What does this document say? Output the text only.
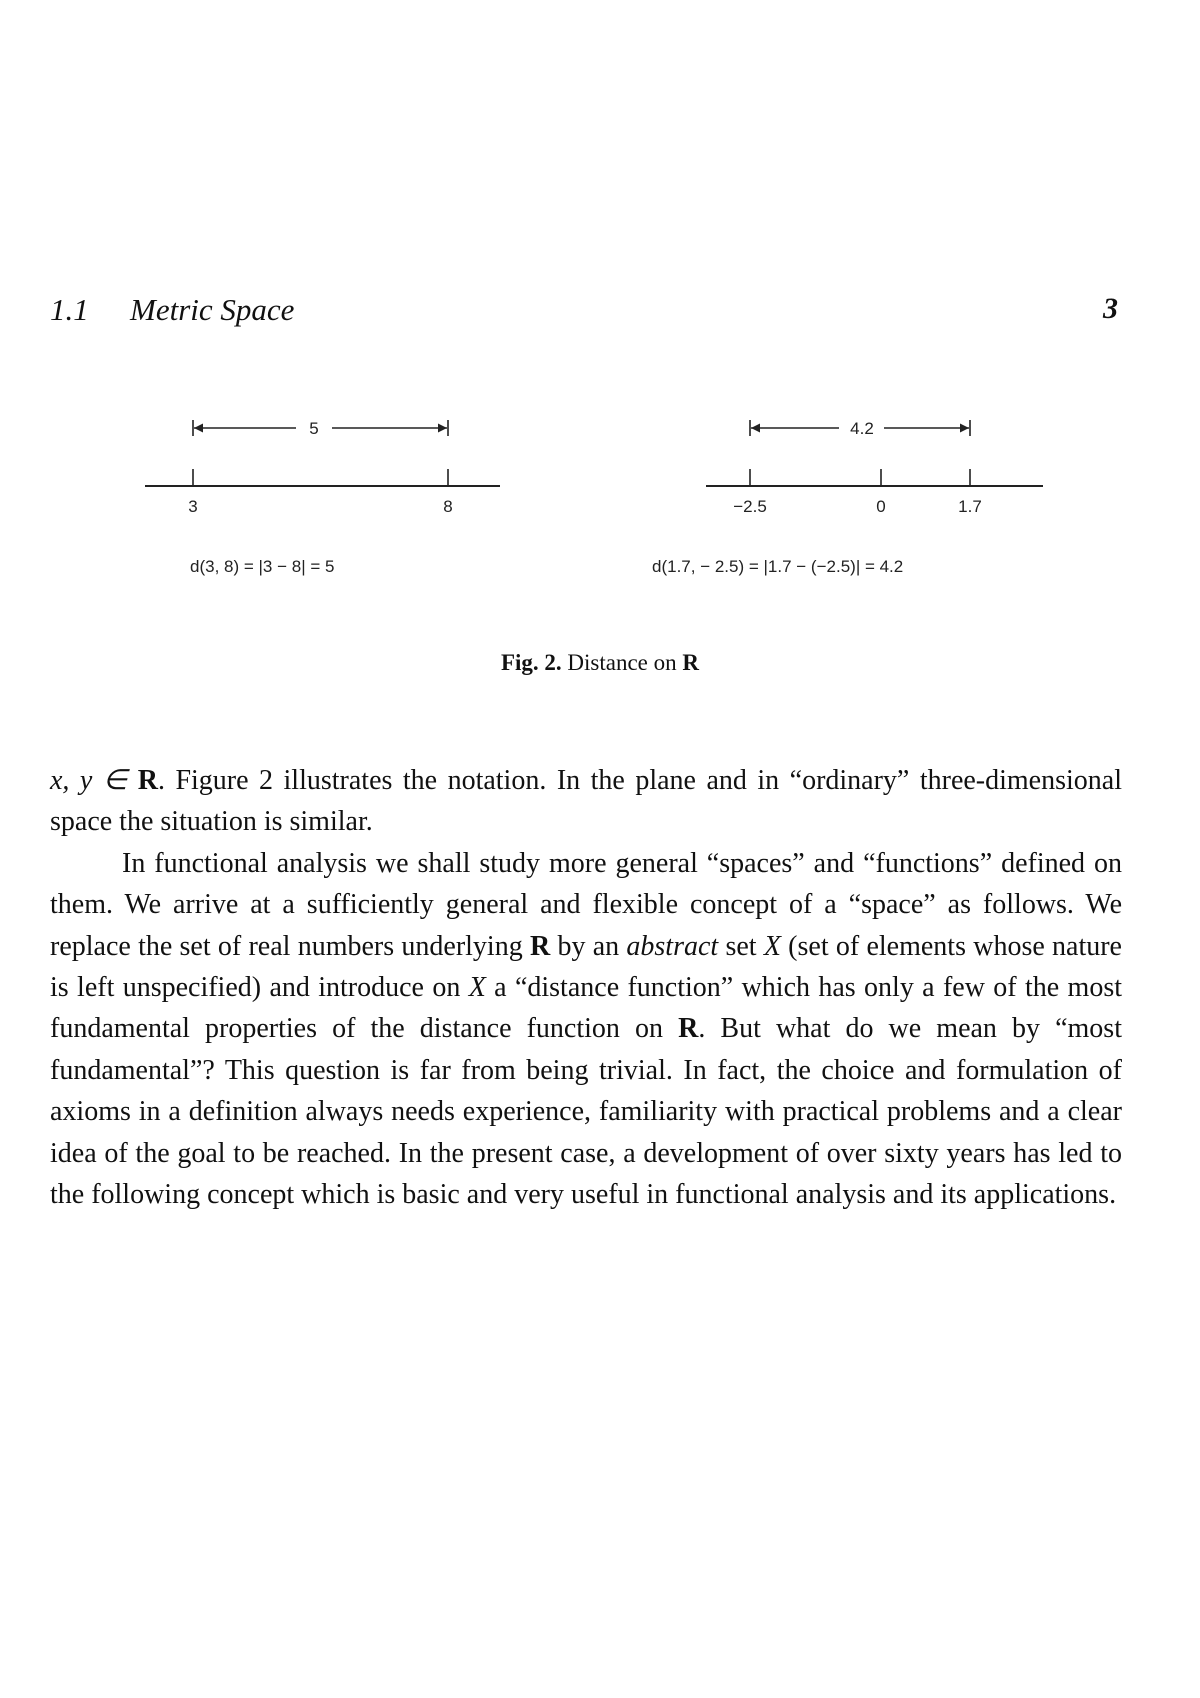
1.1 Metric Space	3
5
3	8
d(3, 8) = |3 − 8| = 5
4.2
−2.5	0	1.7
d(1.7, − 2.5) = |1.7 − (−2.5)| = 4.2
Fig. 2. Distance on R

x, y ∈ R. Figure 2 illustrates the notation. In the plane and in “ordinary” three-dimensional space the situation is similar.

In functional analysis we shall study more general “spaces” and “functions” defined on them. We arrive at a sufficiently general and flexible concept of a “space” as follows. We replace the set of real numbers underlying R by an abstract set X (set of elements whose nature is left unspecified) and introduce on X a “distance function” which has only a few of the most fundamental properties of the distance function on R. But what do we mean by “most fundamental”? This question is far from being trivial. In fact, the choice and formulation of axioms in a definition always needs experience, familiarity with practical problems and a clear idea of the goal to be reached. In the present case, a development of over sixty years has led to the following concept which is basic and very useful in functional analysis and its applications.
